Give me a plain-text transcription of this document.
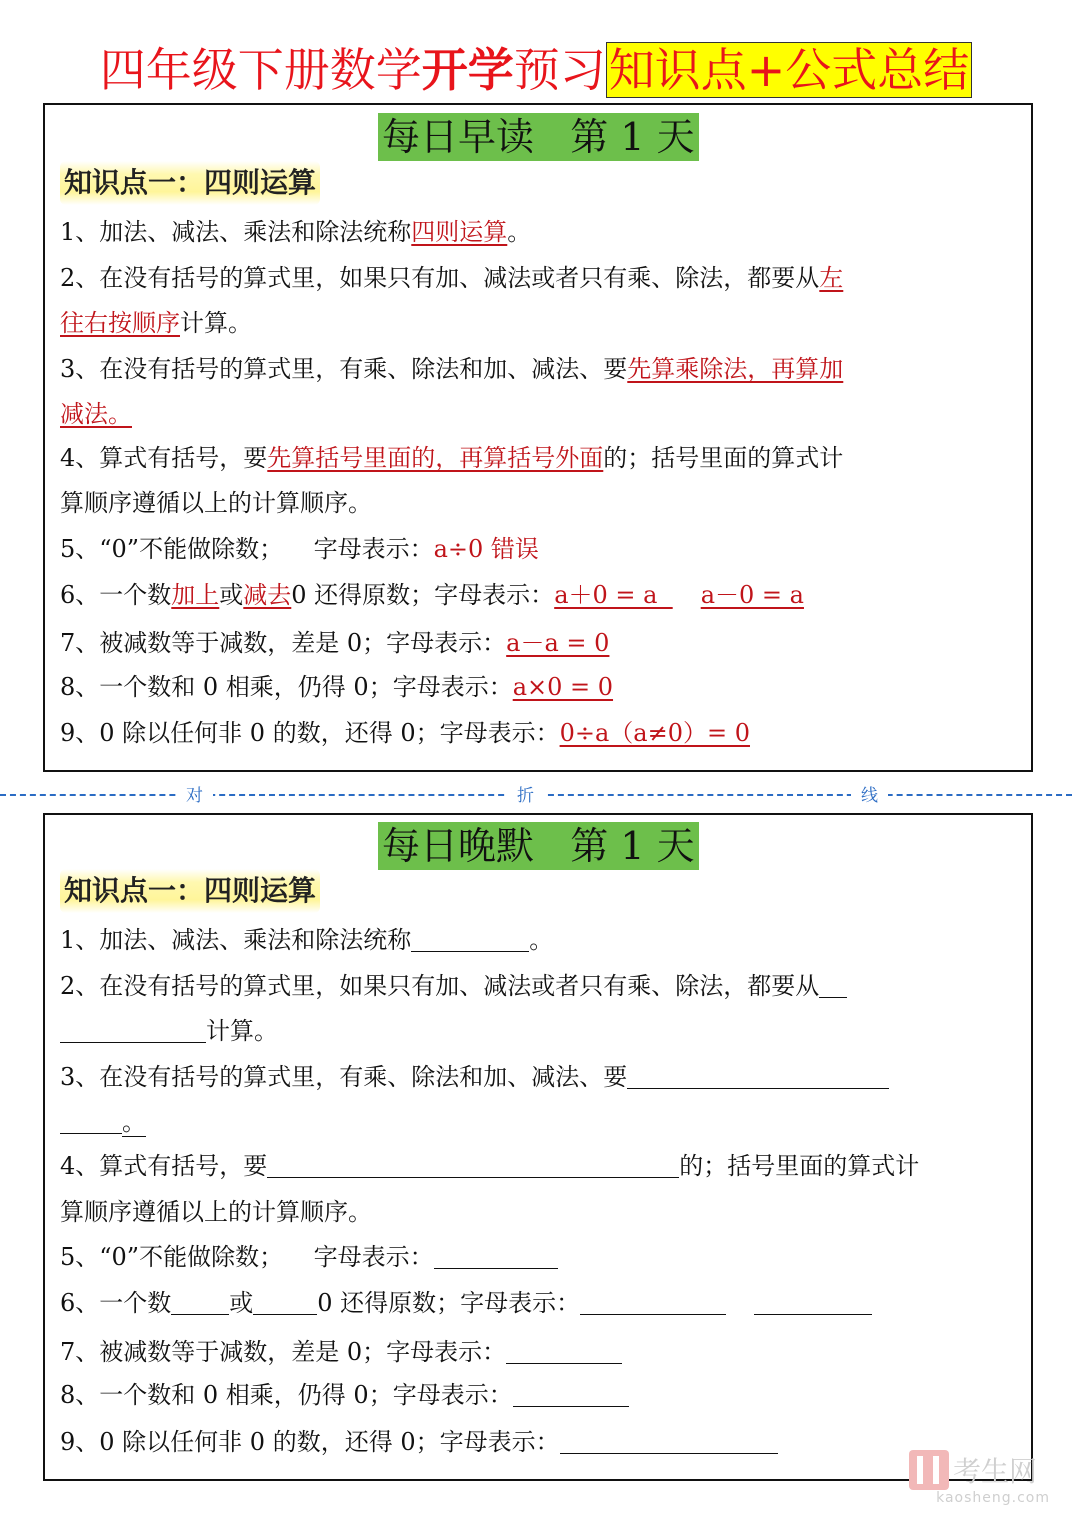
四年级下册数学开学预习知识点+公式总结
每日早读   第 1 天
知识点一：四则运算
1、加法、减法、乘法和除法统称四则运算。
2、在没有括号的算式里，如果只有加、减法或者只有乘、除法，都要从左
往右按顺序计算。
3、在没有括号的算式里，有乘、除法和加、减法、要先算乘除法，再算加
减法。
4、算式有括号，要先算括号里面的，再算括号外面的；括号里面的算式计
算顺序遵循以上的计算顺序。
5、“0”不能做除数；    字母表示：a÷0 错误
6、一个数加上或减去0 还得原数；字母表示：a＋0 = a  a－0 = a
7、被减数等于减数，差是 0；字母表示：a－a = 0
8、一个数和 0 相乘，仍得 0；字母表示：a×0 = 0
9、0 除以任何非 0 的数，还得 0；字母表示：0÷a（a≠0）= 0
对	折	线
每日晚默   第 1 天
知识点一：四则运算
1、加法、减法、乘法和除法统称	。
2、在没有括号的算式里，如果只有加、减法或者只有乘、除法，都要从
计算。
3、在没有括号的算式里，有乘、除法和加、减法、要
。
4、算式有括号，要	的；括号里面的算式计
算顺序遵循以上的计算顺序。
5、“0”不能做除数；    字母表示：
6、一个数 或	0 还得原数；字母表示：
7、被减数等于减数，差是 0；字母表示：
8、一个数和 0 相乘，仍得 0；字母表示：
9、0 除以任何非 0 的数，还得 0；字母表示：
考生网
kaosheng.com
